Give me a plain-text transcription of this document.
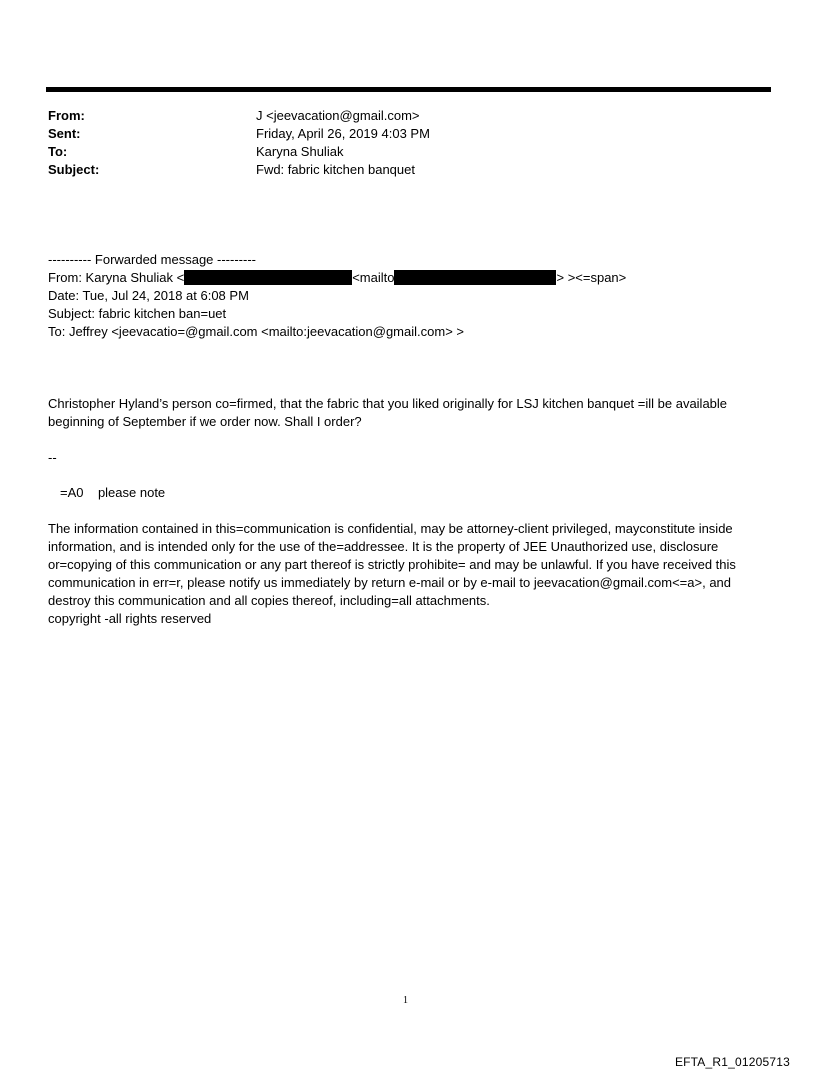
From:	J <jeevacation@gmail.com>
Sent:	Friday, April 26, 2019 4:03 PM
To:	Karyna Shuliak
Subject:	Fwd: fabric kitchen banquet
---------- Forwarded message ---------
From: Karyna Shuliak <	<mailto	> ><=span>
Date: Tue, Jul 24, 2018 at 6:08 PM
Subject: fabric kitchen ban=uet
To: Jeffrey <jeevacatio=@gmail.com <mailto:jeevacation@gmail.com> >
Christopher Hyland’s person co=firmed, that the fabric that you liked originally for LSJ kitchen banquet =ill be available beginning of September if we order now. Shall I order?
--
=A0    please note
The information contained in this=communication is confidential, may be attorney-client privileged, mayconstitute inside information, and is intended only for the use of the=addressee. It is the property of JEE Unauthorized use, disclosure or=copying of this communication or any part thereof is strictly prohibite= and may be unlawful. If you have received this communication in err=r, please notify us immediately by return e-mail or by e-mail to jeevacation@gmail.com<=a>, and destroy this communication and all copies thereof, including=all attachments.
copyright -all rights reserved
1
EFTA_R1_01205713
